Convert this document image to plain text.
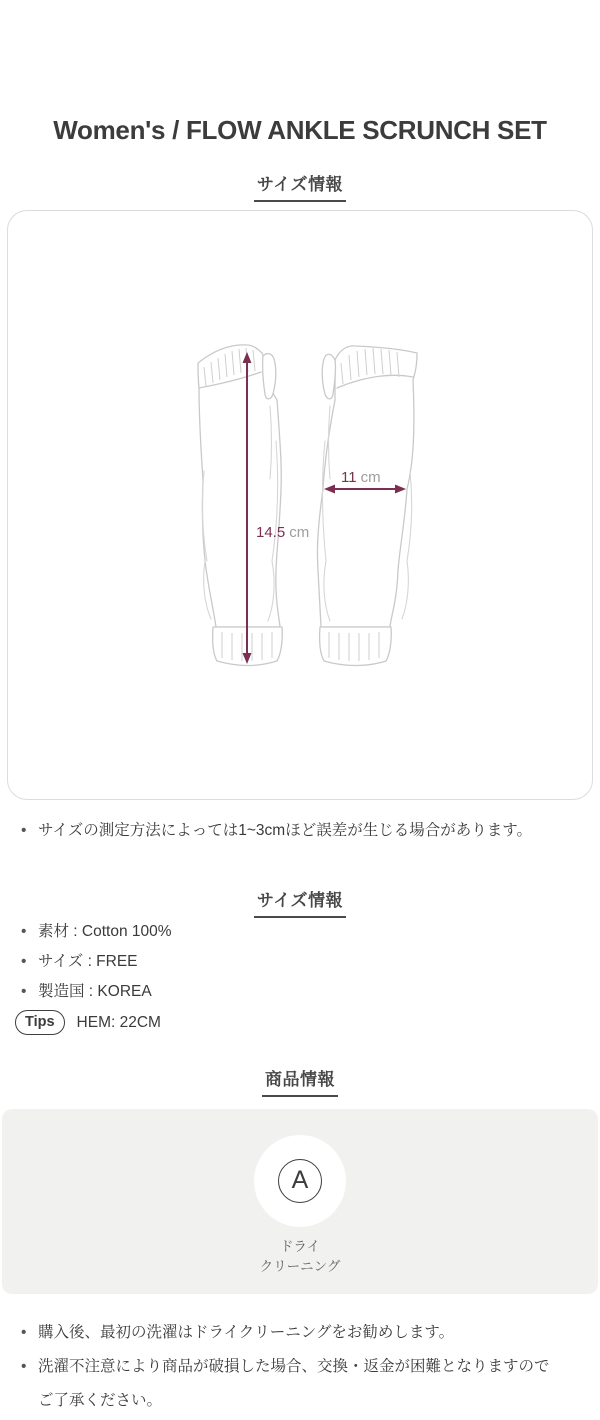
Women's / FLOW ANKLE SCRUNCH SET
サイズ情報
14.5 cm
11 cm
• サイズの測定方法によっては1~3cmほど誤差が生じる場合があります。
サイズ情報
• 素材 : Cotton 100%
• サイズ : FREE
• 製造国 : KOREA
Tips	HEM: 22CM
商品情報
A
ドライ
クリーニング
• 購入後、最初の洗濯はドライクリーニングをお勧めします。
• 洗濯不注意により商品が破損した場合、交換・返金が困難となりますのでご了承ください。
